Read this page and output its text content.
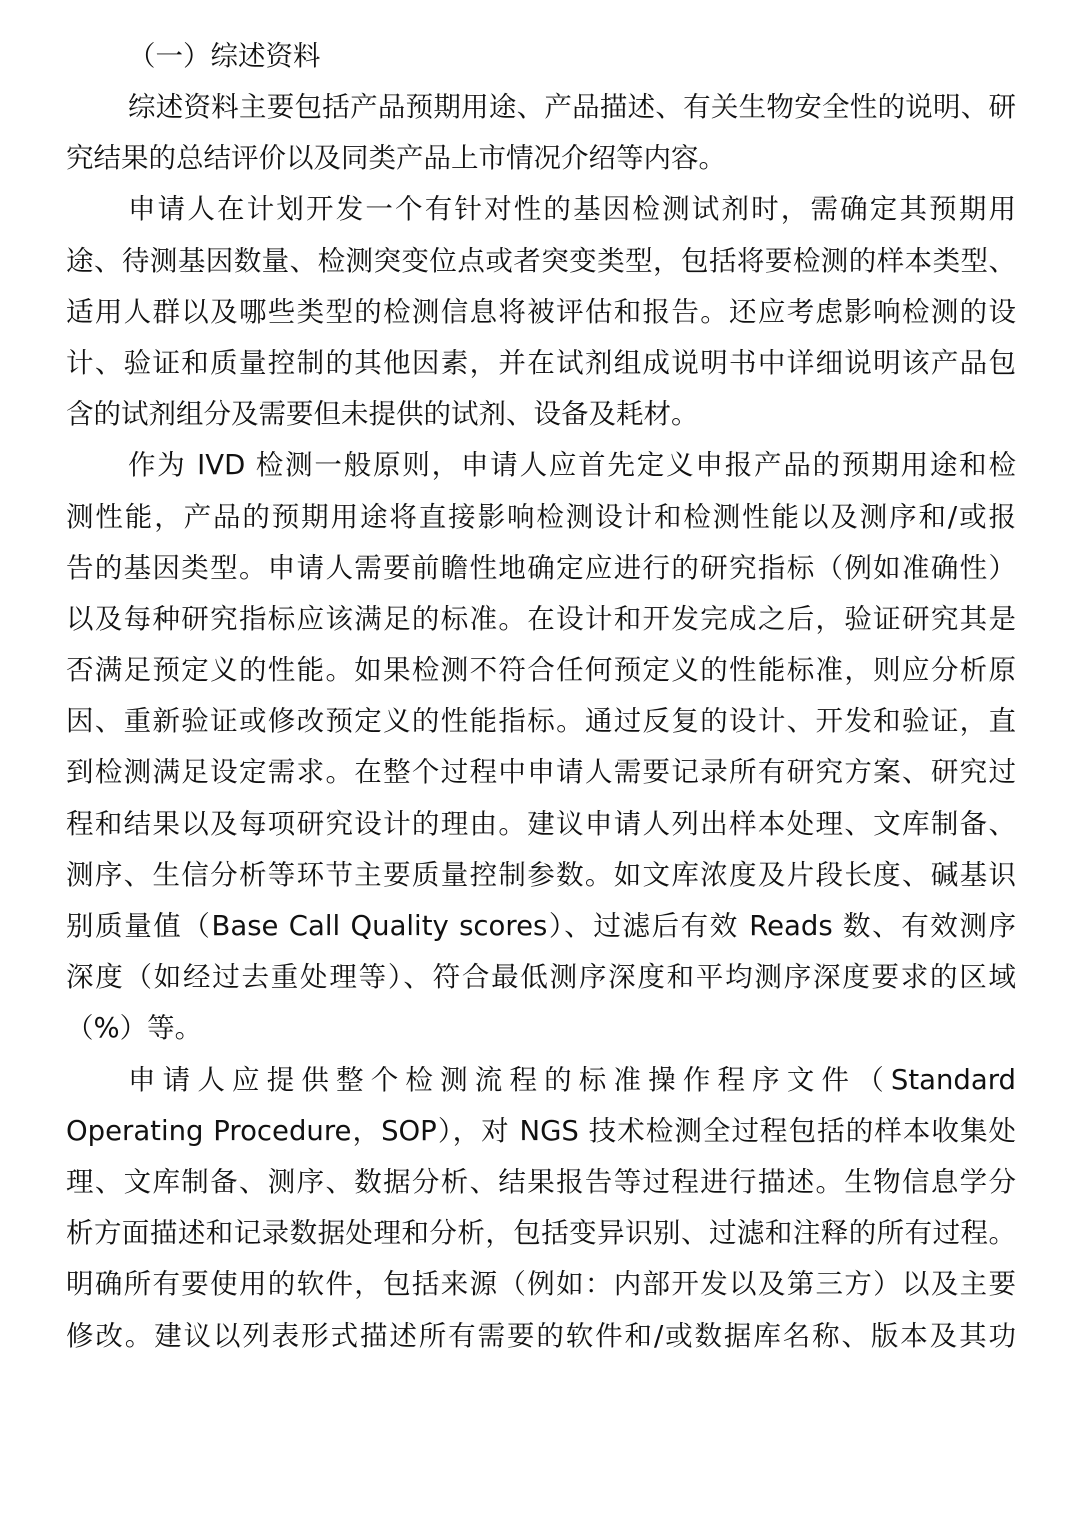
（一）综述资料

综述资料主要包括产品预期用途、产品描述、有关生物安全性的说明、研
究结果的总结评价以及同类产品上市情况介绍等内容。

申请人在计划开发一个有针对性的基因检测试剂时，需确定其预期用
途、待测基因数量、检测突变位点或者突变类型，包括将要检测的样本类型、
适用人群以及哪些类型的检测信息将被评估和报告。还应考虑影响检测的设
计、验证和质量控制的其他因素，并在试剂组成说明书中详细说明该产品包
含的试剂组分及需要但未提供的试剂、设备及耗材。

作为 IVD 检测一般原则，申请人应首先定义申报产品的预期用途和检
测性能，产品的预期用途将直接影响检测设计和检测性能以及测序和/或报
告的基因类型。申请人需要前瞻性地确定应进行的研究指标（例如准确性）
以及每种研究指标应该满足的标准。在设计和开发完成之后，验证研究其是
否满足预定义的性能。如果检测不符合任何预定义的性能标准，则应分析原
因、重新验证或修改预定义的性能指标。通过反复的设计、开发和验证，直
到检测满足设定需求。在整个过程中申请人需要记录所有研究方案、研究过
程和结果以及每项研究设计的理由。建议申请人列出样本处理、文库制备、
测序、生信分析等环节主要质量控制参数。如文库浓度及片段长度、碱基识
别质量值（Base Call Quality scores）、过滤后有效 Reads 数、有效测序
深度（如经过去重处理等）、符合最低测序深度和平均测序深度要求的区域
（%）等。

申请人应提供整个检测流程的标准操作程序文件（Standard
Operating Procedure，SOP），对 NGS 技术检测全过程包括的样本收集处
理、文库制备、测序、数据分析、结果报告等过程进行描述。生物信息学分
析方面描述和记录数据处理和分析，包括变异识别、过滤和注释的所有过程。
明确所有要使用的软件，包括来源（例如：内部开发以及第三方）以及主要
修改。建议以列表形式描述所有需要的软件和/或数据库名称、版本及其功
